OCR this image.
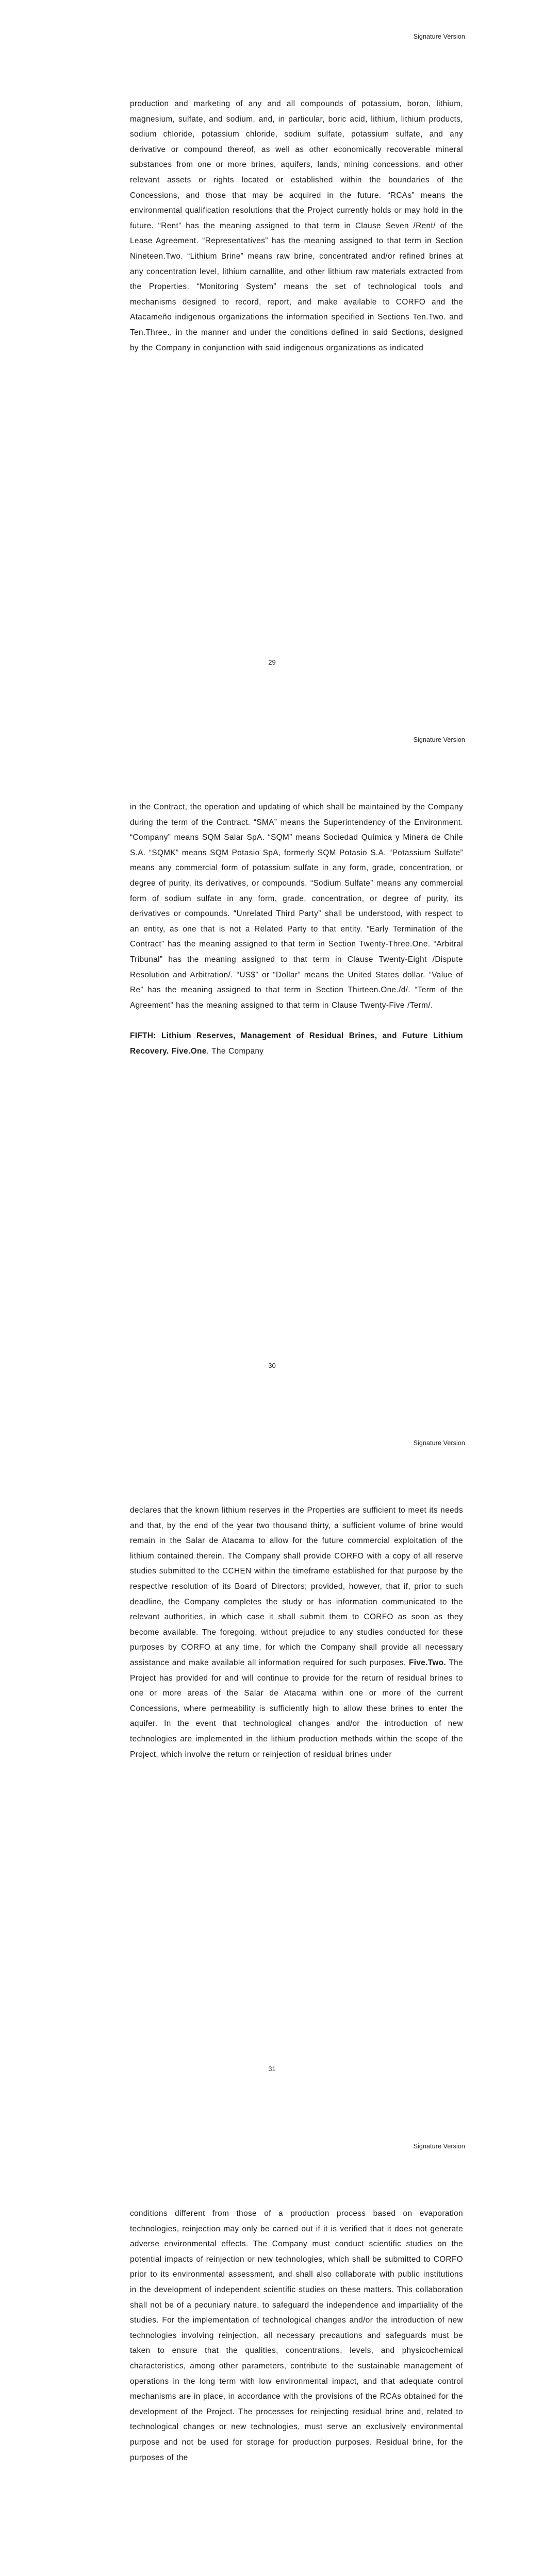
Signature Version

production and marketing of any and all compounds of potassium, boron, lithium, magnesium, sulfate, and sodium, and, in particular, boric acid, lithium, lithium products, sodium chloride, potassium chloride, sodium sulfate, potassium sulfate, and any derivative or compound thereof, as well as other economically recoverable mineral substances from one or more brines, aquifers, lands, mining concessions, and other relevant assets or rights located or established within the boundaries of the Concessions, and those that may be acquired in the future. “RCAs” means the environmental qualification resolutions that the Project currently holds or may hold in the future. “Rent” has the meaning assigned to that term in Clause Seven /Rent/ of the Lease Agreement. “Representatives” has the meaning assigned to that term in Section Nineteen.Two. “Lithium Brine” means raw brine, concentrated and/or refined brines at any concentration level, lithium carnallite, and other lithium raw materials extracted from the Properties. “Monitoring System” means the set of technological tools and mechanisms designed to record, report, and make available to CORFO and the Atacameño indigenous organizations the information specified in Sections Ten.Two. and Ten.Three., in the manner and under the conditions defined in said Sections, designed by the Company in conjunction with said indigenous organizations as indicated

29
Signature Version

in the Contract, the operation and updating of which shall be maintained by the Company during the term of the Contract. “SMA” means the Superintendency of the Environment. “Company” means SQM Salar SpA. “SQM” means Sociedad Química y Minera de Chile S.A. “SQMK” means SQM Potasio SpA, formerly SQM Potasio S.A. “Potassium Sulfate” means any commercial form of potassium sulfate in any form, grade, concentration, or degree of purity, its derivatives, or compounds. “Sodium Sulfate” means any commercial form of sodium sulfate in any form, grade, concentration, or degree of purity, its derivatives or compounds. “Unrelated Third Party” shall be understood, with respect to an entity, as one that is not a Related Party to that entity. “Early Termination of the Contract” has the meaning assigned to that term in Section Twenty-Three.One. “Arbitral Tribunal” has the meaning assigned to that term in Clause Twenty-Eight /Dispute Resolution and Arbitration/. “US$” or “Dollar” means the United States dollar. “Value of Re” has the meaning assigned to that term in Section Thirteen.One./d/. “Term of the Agreement” has the meaning assigned to that term in Clause Twenty-Five /Term/.

FIFTH: Lithium Reserves, Management of Residual Brines, and Future Lithium Recovery. Five.One. The Company

30
Signature Version

declares that the known lithium reserves in the Properties are sufficient to meet its needs and that, by the end of the year two thousand thirty, a sufficient volume of brine would remain in the Salar de Atacama to allow for the future commercial exploitation of the lithium contained therein. The Company shall provide CORFO with a copy of all reserve studies submitted to the CCHEN within the timeframe established for that purpose by the respective resolution of its Board of Directors; provided, however, that if, prior to such deadline, the Company completes the study or has information communicated to the relevant authorities, in which case it shall submit them to CORFO as soon as they become available. The foregoing, without prejudice to any studies conducted for these purposes by CORFO at any time, for which the Company shall provide all necessary assistance and make available all information required for such purposes. Five.Two. The Project has provided for and will continue to provide for the return of residual brines to one or more areas of the Salar de Atacama within one or more of the current Concessions, where permeability is sufficiently high to allow these brines to enter the aquifer. In the event that technological changes and/or the introduction of new technologies are implemented in the lithium production methods within the scope of the Project, which involve the return or reinjection of residual brines under

31
Signature Version

conditions different from those of a production process based on evaporation technologies, reinjection may only be carried out if it is verified that it does not generate adverse environmental effects. The Company must conduct scientific studies on the potential impacts of reinjection or new technologies, which shall be submitted to CORFO prior to its environmental assessment, and shall also collaborate with public institutions in the development of independent scientific studies on these matters. This collaboration shall not be of a pecuniary nature, to safeguard the independence and impartiality of the studies. For the implementation of technological changes and/or the introduction of new technologies involving reinjection, all necessary precautions and safeguards must be taken to ensure that the qualities, concentrations, levels, and physicochemical characteristics, among other parameters, contribute to the sustainable management of operations in the long term with low environmental impact, and that adequate control mechanisms are in place, in accordance with the provisions of the RCAs obtained for the development of the Project. The processes for reinjecting residual brine and, related to technological changes or new technologies, must serve an exclusively environmental purpose and not be used for storage for production purposes. Residual brine, for the purposes of the
